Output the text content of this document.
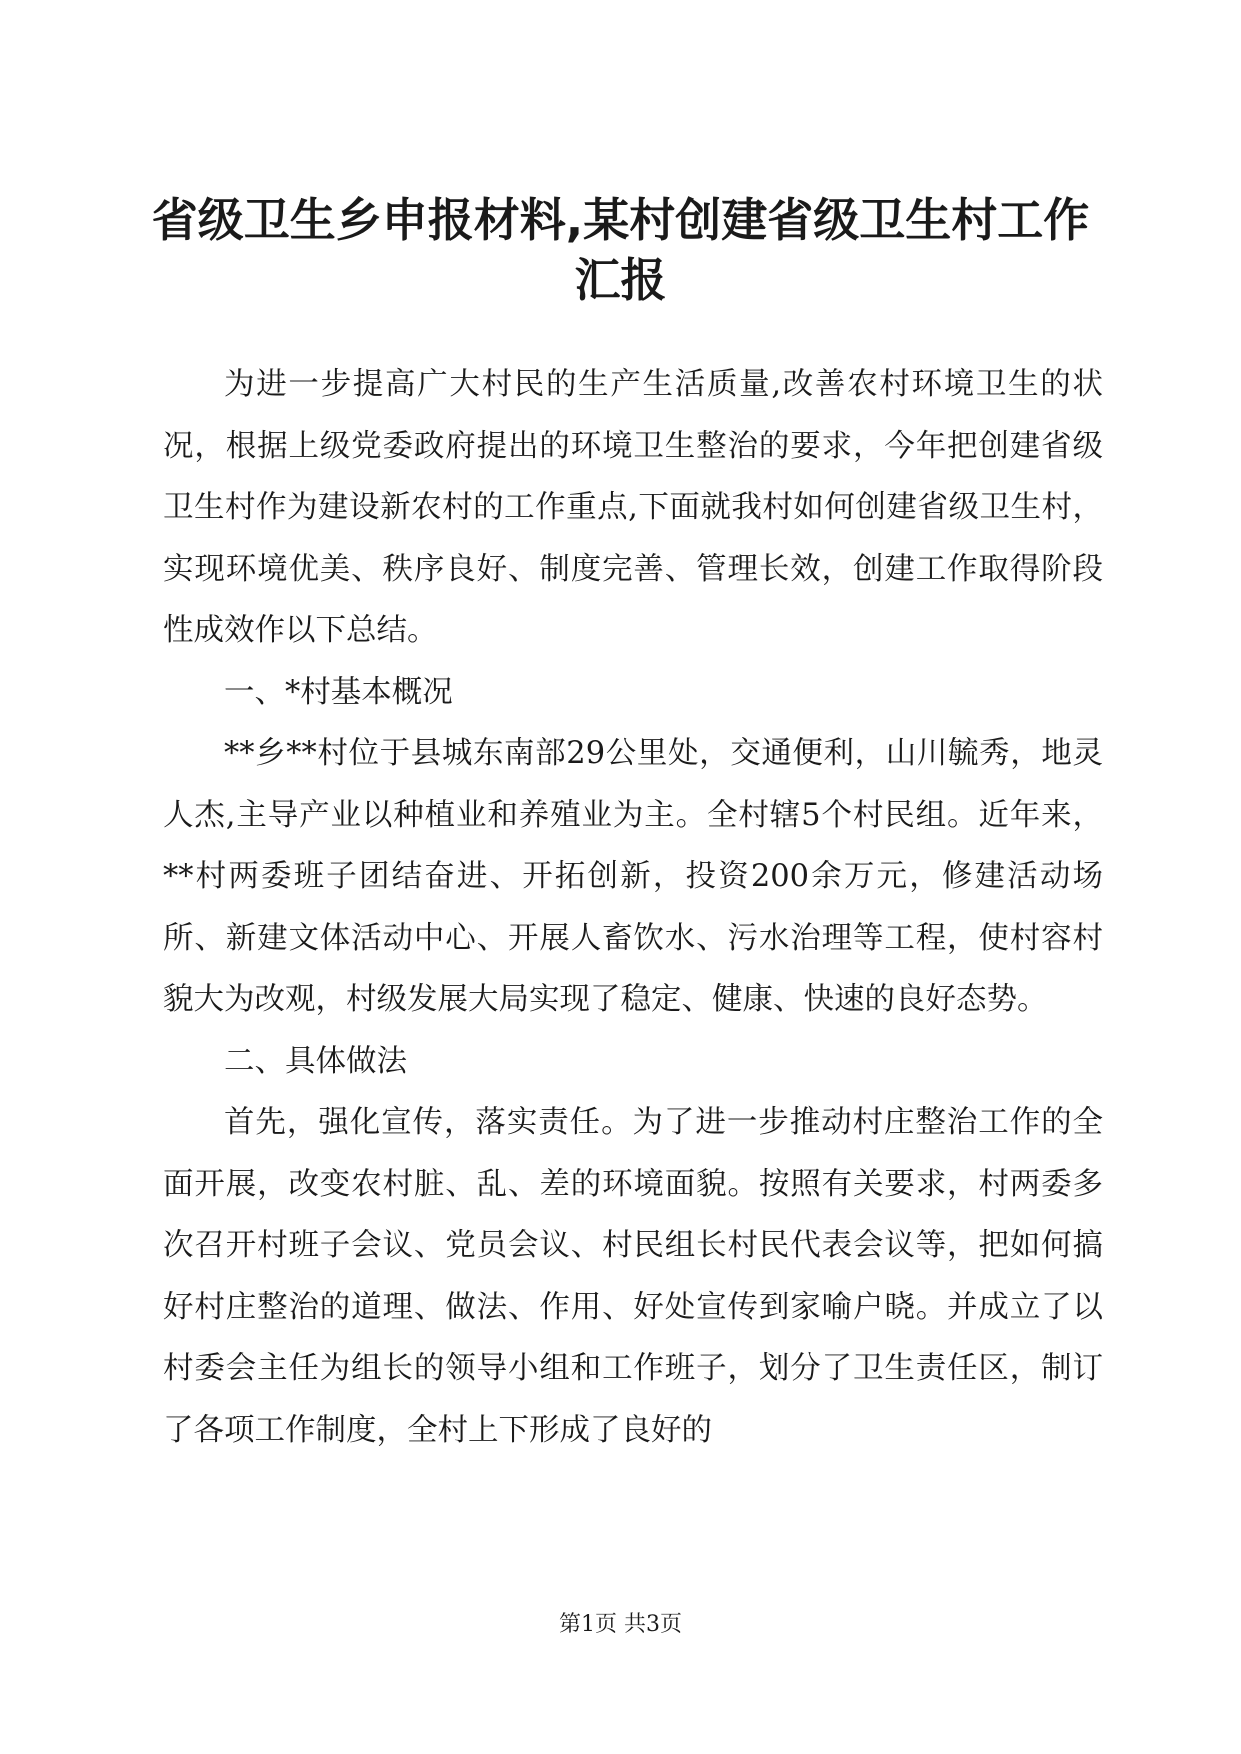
省级卫生乡申报材料,某村创建省级卫生村工作汇报

为进一步提高广大村民的生产生活质量,改善农村环境卫生的状况，根据上级党委政府提出的环境卫生整治的要求，今年把创建省级卫生村作为建设新农村的工作重点,下面就我村如何创建省级卫生村，实现环境优美、秩序良好、制度完善、管理长效，创建工作取得阶段性成效作以下总结。

一、*村基本概况

**乡**村位于县城东南部29公里处，交通便利，山川毓秀，地灵人杰,主导产业以种植业和养殖业为主。全村辖5个村民组。近年来，**村两委班子团结奋进、开拓创新，投资200余万元，修建活动场所、新建文体活动中心、开展人畜饮水、污水治理等工程，使村容村貌大为改观，村级发展大局实现了稳定、健康、快速的良好态势。

二、具体做法

首先，强化宣传，落实责任。为了进一步推动村庄整治工作的全面开展，改变农村脏、乱、差的环境面貌。按照有关要求，村两委多次召开村班子会议、党员会议、村民组长村民代表会议等，把如何搞好村庄整治的道理、做法、作用、好处宣传到家喻户晓。并成立了以村委会主任为组长的领导小组和工作班子，划分了卫生责任区，制订了各项工作制度，全村上下形成了良好的

第1页 共3页
